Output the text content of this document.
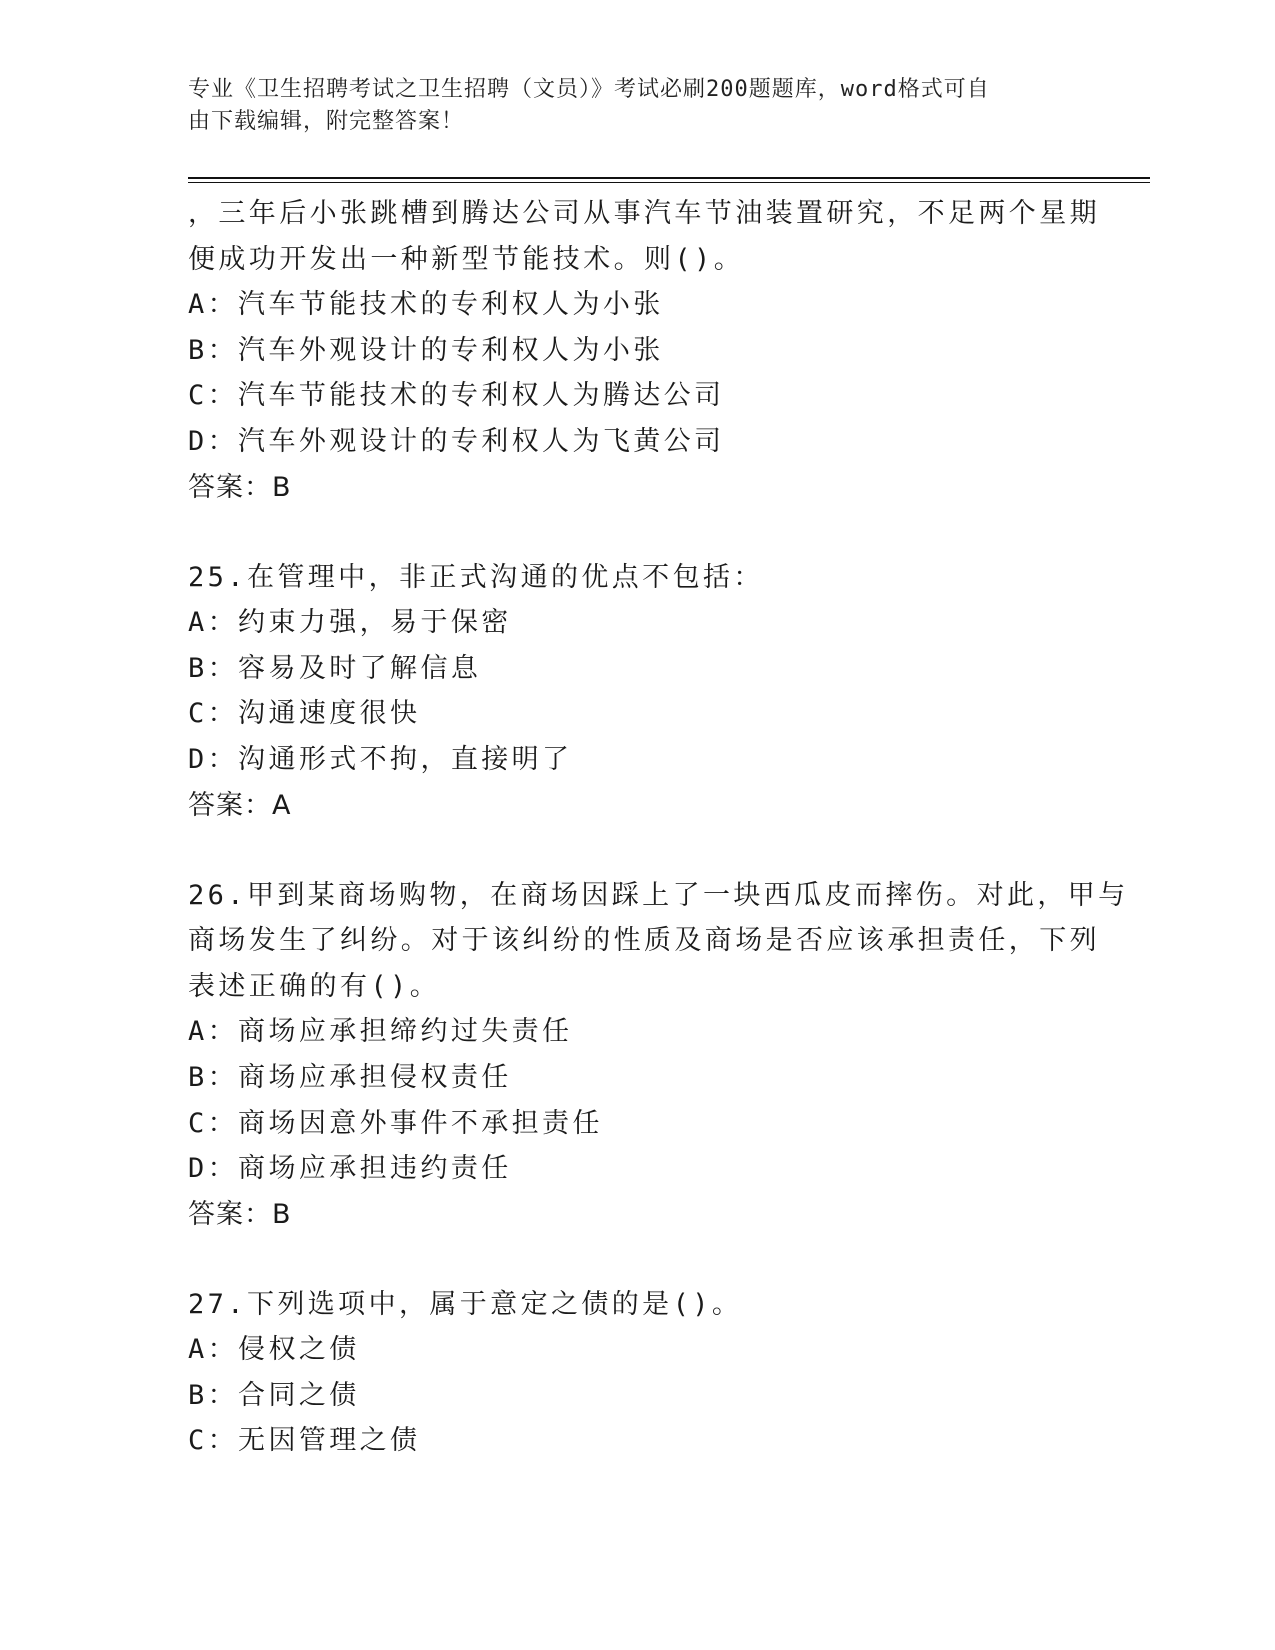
专业《卫生招聘考试之卫生招聘（文员）》考试必刷200题题库，word格式可自
由下载编辑，附完整答案！
，三年后小张跳槽到腾达公司从事汽车节油装置研究，不足两个星期
便成功开发出一种新型节能技术。则()。
A：汽车节能技术的专利权人为小张
B：汽车外观设计的专利权人为小张
C：汽车节能技术的专利权人为腾达公司
D：汽车外观设计的专利权人为飞黄公司
答案：B
25.在管理中，非正式沟通的优点不包括：
A：约束力强，易于保密
B：容易及时了解信息
C：沟通速度很快
D：沟通形式不拘，直接明了
答案：A
26.甲到某商场购物，在商场因踩上了一块西瓜皮而摔伤。对此，甲与
商场发生了纠纷。对于该纠纷的性质及商场是否应该承担责任，下列
表述正确的有()。
A：商场应承担缔约过失责任
B：商场应承担侵权责任
C：商场因意外事件不承担责任
D：商场应承担违约责任
答案：B
27.下列选项中，属于意定之债的是()。
A：侵权之债
B：合同之债
C：无因管理之债
